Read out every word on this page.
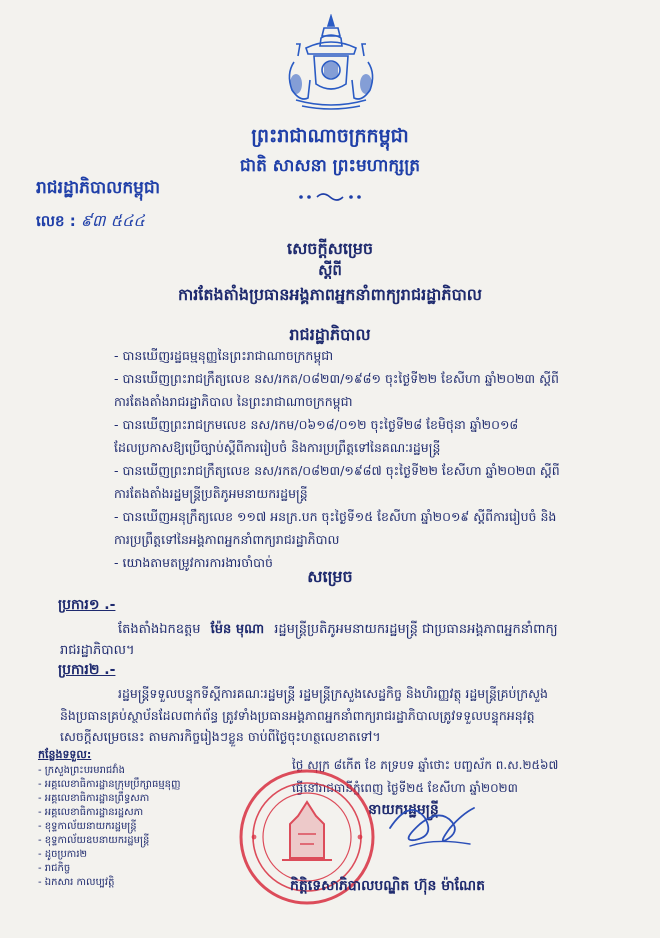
ព្រះរាជាណាចក្រកម្ពុជា
ជាតិ សាសនា ព្រះមហាក្សត្រ
រាជរដ្ឋាភិបាលកម្ពុជា
លេខ : ៩៣ ៥៤៤
សេចក្តីសម្រេច
ស្តីពី
ការតែងតាំងប្រធានអង្គភាពអ្នកនាំពាក្យរាជរដ្ឋាភិបាល
រាជរដ្ឋាភិបាល
- បានឃើញរដ្ឋធម្មនុញ្ញនៃព្រះរាជាណាចក្រកម្ពុជា
- បានឃើញព្រះរាជក្រឹត្យលេខ នស/រកត/០៨២៣/១៩៨១ ចុះថ្ងៃទី២២ ខែសីហា ឆ្នាំ២០២៣ ស្តីពី
ការតែងតាំងរាជរដ្ឋាភិបាល នៃព្រះរាជាណាចក្រកម្ពុជា
- បានឃើញព្រះរាជក្រមលេខ នស/រកម/០៦១៨/០១២ ចុះថ្ងៃទី២៨ ខែមិថុនា ឆ្នាំ២០១៨
ដែលប្រកាសឱ្យប្រើច្បាប់ស្តីពីការរៀបចំ និងការប្រព្រឹត្តទៅនៃគណៈរដ្ឋមន្ត្រី
- បានឃើញព្រះរាជក្រឹត្យលេខ នស/រកត/០៨២៣/១៩៨៧ ចុះថ្ងៃទី២២ ខែសីហា ឆ្នាំ២០២៣ ស្តីពី
ការតែងតាំងរដ្ឋមន្ត្រីប្រតិភូអមនាយករដ្ឋមន្ត្រី
- បានឃើញអនុក្រឹត្យលេខ ១១៧ អនក្រ.បក ចុះថ្ងៃទី១៥ ខែសីហា ឆ្នាំ២០១៩ ស្តីពីការរៀបចំ និង
ការប្រព្រឹត្តទៅនៃអង្គភាពអ្នកនាំពាក្យរាជរដ្ឋាភិបាល
- យោងតាមតម្រូវការការងារចាំបាច់
សម្រេច
ប្រការ១ .-
តែងតាំងឯកឧត្តម ម៉ែន មុណា រដ្ឋមន្ត្រីប្រតិភូអមនាយករដ្ឋមន្ត្រី ជាប្រធានអង្គភាពអ្នកនាំពាក្យ
រាជរដ្ឋាភិបាល។
ប្រការ២ .-
រដ្ឋមន្ត្រីទទួលបន្ទុកទីស្តីការគណៈរដ្ឋមន្ត្រី រដ្ឋមន្ត្រីក្រសួងសេដ្ឋកិច្ច និងហិរញ្ញវត្ថុ រដ្ឋមន្ត្រីគ្រប់ក្រសួង
និងប្រធានគ្រប់ស្ថាប័នដែលពាក់ព័ន្ធ ត្រូវទាំងប្រធានអង្គភាពអ្នកនាំពាក្យរាជរដ្ឋាភិបាលត្រូវទទួលបន្ទុកអនុវត្ត
សេចក្តីសម្រេចនេះ តាមភារកិច្ចរៀងៗខ្លួន ចាប់ពីថ្ងៃចុះហត្ថលេខាតទៅ។
ថ្ងៃ សុក្រ ៨កើត ខែ ភទ្របទ ឆ្នាំថោះ បញ្ចស័ក ព.ស.២៥៦៧
ធ្វើនៅរាជធានីភ្នំពេញ ថ្ងៃទី២៥ ខែសីហា ឆ្នាំ២០២៣
នាយករដ្ឋមន្ត្រី
កិត្តិទេសាភិបាលបណ្ឌិត ហ៊ុន ម៉ាណែត
កន្លែងទទួល:
- ក្រសួងព្រះបរមរាជវាំង
- អគ្គលេខាធិការដ្ឋានក្រុមប្រឹក្សាធម្មនុញ្ញ
- អគ្គលេខាធិការដ្ឋានព្រឹទ្ធសភា
- អគ្គលេខាធិការដ្ឋានរដ្ឋសភា
- ខុទ្ទកាល័យនាយករដ្ឋមន្ត្រី
- ខុទ្ទកាល័យឧបនាយករដ្ឋមន្ត្រី
- ដូចប្រការ២
- រាជកិច្ច
- ឯកសារ កាលប្បវត្តិ
